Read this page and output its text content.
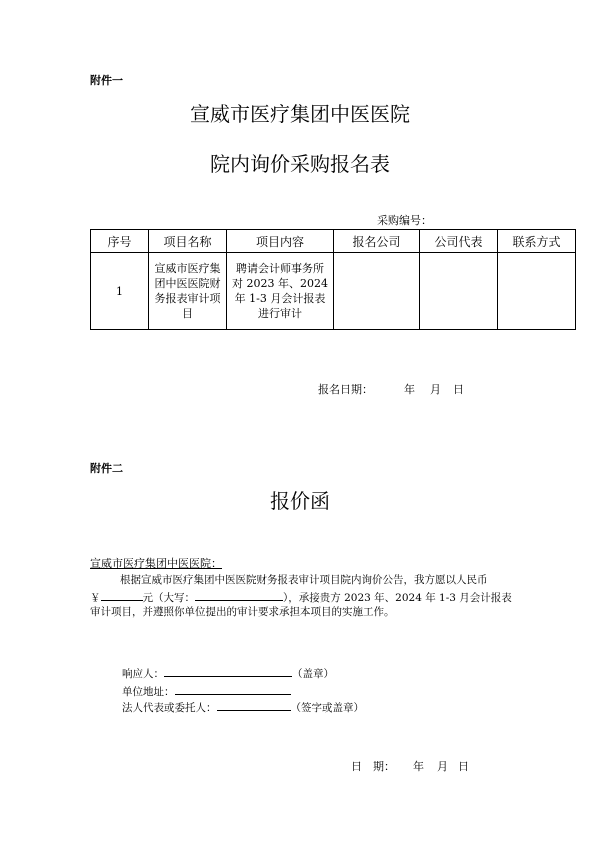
附件一
宣威市医疗集团中医医院
院内询价采购报名表
采购编号：
序号	项目名称	项目内容	报名公司	公司代表	联系方式
1	宣威市医疗集团中医医院财务报表审计项目	聘请会计师事务所对 2023 年、2024 年 1-3 月会计报表进行审计			
报名日期：	年 月 日
附件二
报价函
宣威市医疗集团中医医院：
根据宣威市医疗集团中医医院财务报表审计项目院内询价公告，我方愿以人民币
￥	元（大写：	），承接贵方 2023 年、2024 年 1-3 月会计报表
审计项目，并遵照你单位提出的审计要求承担本项目的实施工作。
响应人：	（盖章）
单位地址：
法人代表或委托人：	（签字或盖章）
日　期： 年 月 日
